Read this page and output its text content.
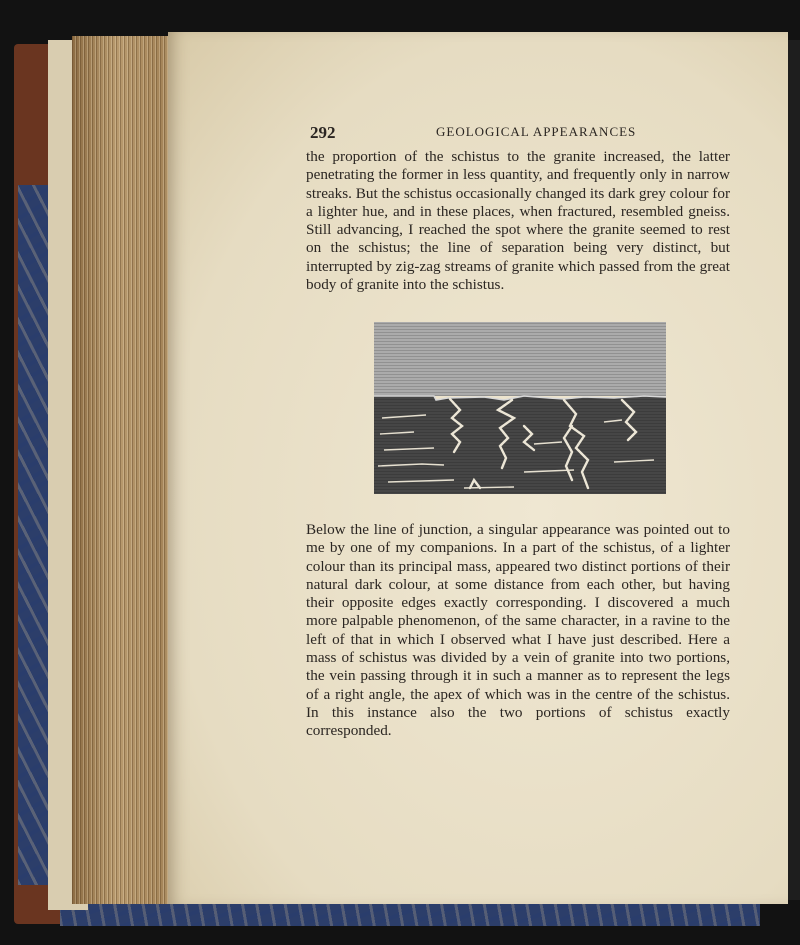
292	GEOLOGICAL APPEARANCES

the proportion of the schistus to the granite increased, the latter penetrating the former in less quantity, and frequently only in narrow streaks. But the schistus occasionally changed its dark grey colour for a lighter hue, and in these places, when fractured, resembled gneiss. Still advancing, I reached the spot where the granite seemed to rest on the schistus; the line of separation being very distinct, but interrupted by zig-zag streams of granite which passed from the great body of granite into the schistus.

Below the line of junction, a singular appearance was pointed out to me by one of my companions. In a part of the schistus, of a lighter colour than its principal mass, appeared two distinct portions of their natural dark colour, at some distance from each other, but having their opposite edges exactly corresponding. I discovered a much more palpable phenomenon, of the same character, in a ravine to the left of that in which I observed what I have just described. Here a mass of schistus was divided by a vein of granite into two portions, the vein passing through it in such a manner as to represent the legs of a right angle, the apex of which was in the centre of the schistus. In this instance also the two portions of schistus exactly corresponded.
